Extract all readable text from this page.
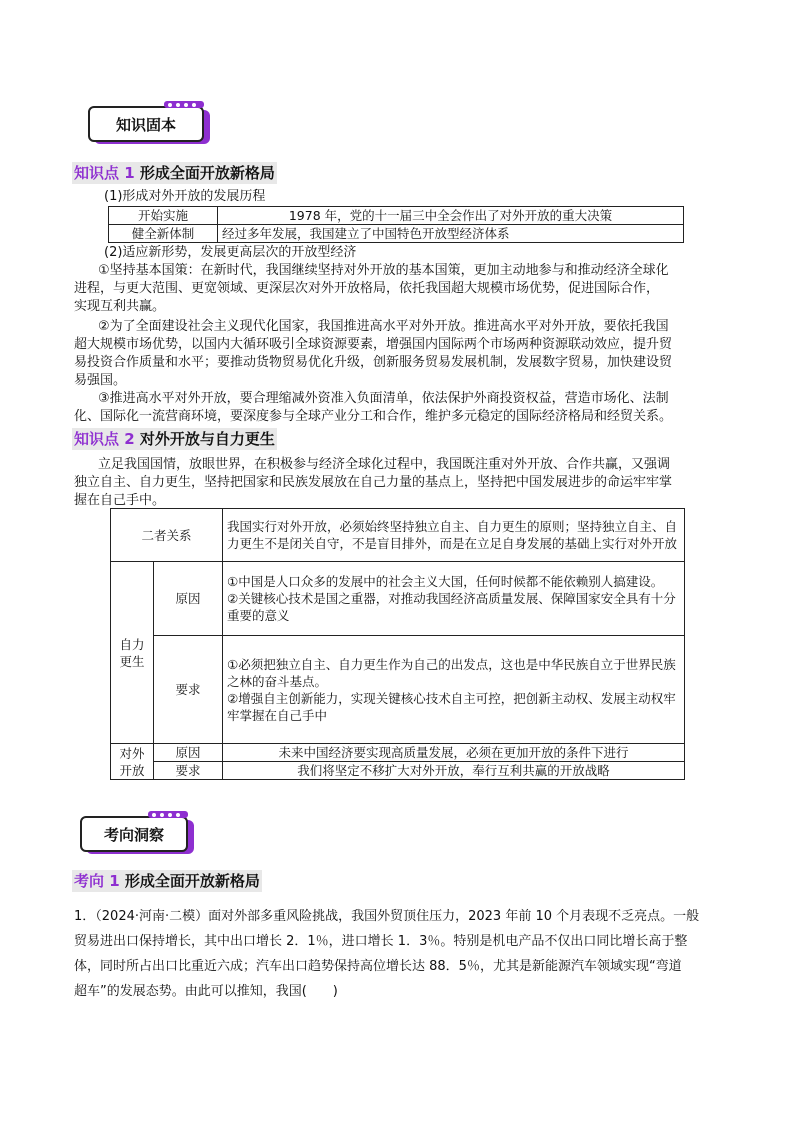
知识固本
知识点 1 形成全面开放新格局
(1)形成对外开放的发展历程
开始实施	1978 年，党的十一届三中全会作出了对外开放的重大决策
健全新体制	经过多年发展，我国建立了中国特色开放型经济体系
(2)适应新形势，发展更高层次的开放型经济
①坚持基本国策：在新时代，我国继续坚持对外开放的基本国策，更加主动地参与和推动经济全球化
进程，与更大范围、更宽领域、更深层次对外开放格局，依托我国超大规模市场优势，促进国际合作，
实现互利共赢。
②为了全面建设社会主义现代化国家，我国推进高水平对外开放。推进高水平对外开放，要依托我国
超大规模市场优势，以国内大循环吸引全球资源要素，增强国内国际两个市场两种资源联动效应，提升贸
易投资合作质量和水平；要推动货物贸易优化升级，创新服务贸易发展机制，发展数字贸易，加快建设贸
易强国。
③推进高水平对外开放，要合理缩减外资准入负面清单，依法保护外商投资权益，营造市场化、法制
化、国际化一流营商环境，要深度参与全球产业分工和合作，维护多元稳定的国际经济格局和经贸关系。
知识点 2 对外开放与自力更生
立足我国国情，放眼世界，在积极参与经济全球化过程中，我国既注重对外开放、合作共赢，又强调
独立自主、自力更生，坚持把国家和民族发展放在自己力量的基点上，坚持把中国发展进步的命运牢牢掌
握在自己手中。
二者关系		我国实行对外开放，必须始终坚持独立自主、自力更生的原则；坚持独立自主、自力更生不是闭关自守，不是盲目排外，而是在立足自身发展的基础上实行对外开放
自力更生	原因	①中国是人口众多的发展中的社会主义大国，任何时候都不能依赖别人搞建设。
②关键核心技术是国之重器，对推动我国经济高质量发展、保障国家安全具有十分重要的意义

	要求	①必须把独立自主、自力更生作为自己的出发点，这也是中华民族自立于世界民族之林的奋斗基点。
②增强自主创新能力，实现关键核心技术自主可控，把创新主动权、发展主动权牢牢掌握在自己手中

对外开放	原因	未来中国经济要实现高质量发展，必须在更加开放的条件下进行
	要求	我们将坚定不移扩大对外开放，奉行互利共赢的开放战略
考向洞察
考向 1 形成全面开放新格局
1．（2024·河南·二模）面对外部多重风险挑战，我国外贸顶住压力，2023 年前 10 个月表现不乏亮点。一般
贸易进出口保持增长，其中出口增长 2．1％，进口增长 1．3％。特别是机电产品不仅出口同比增长高于整
体，同时所占出口比重近六成；汽车出口趋势保持高位增长达 88．5％，尤其是新能源汽车领域实现“弯道
超车”的发展态势。由此可以推知，我国(　　)
